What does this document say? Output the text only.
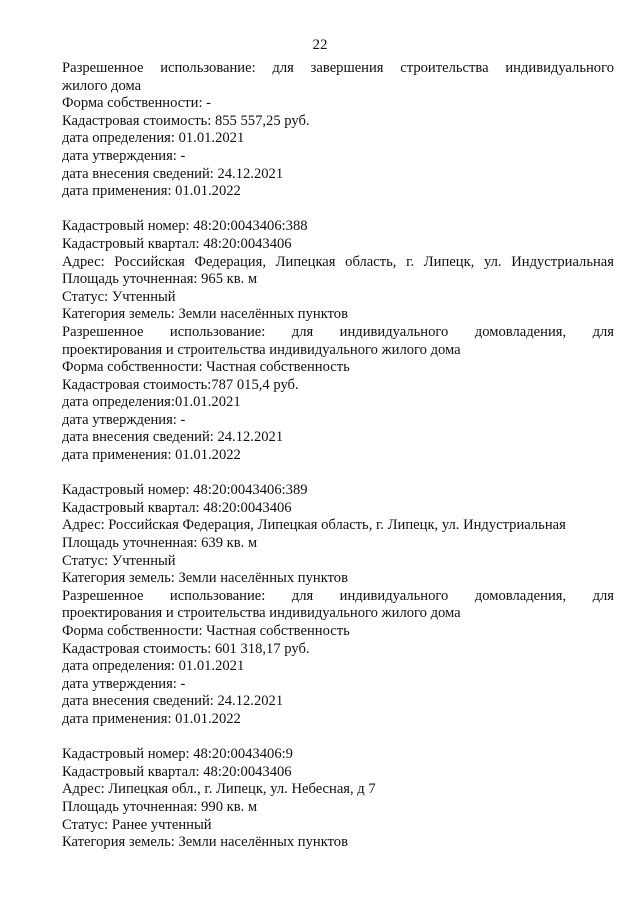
22
Разрешенное использование: для завершения строительства индивидуального
жилого дома
Форма собственности: -
Кадастровая стоимость: 855 557,25 руб.
дата определения: 01.01.2021
дата утверждения: -
дата внесения сведений: 24.12.2021
дата применения: 01.01.2022
Кадастровый номер: 48:20:0043406:388
Кадастровый квартал: 48:20:0043406
Адрес: Российская Федерация, Липецкая область, г. Липецк, ул. Индустриальная
Площадь уточненная: 965 кв. м
Статус: Учтенный
Категория земель: Земли населённых пунктов
Разрешенное использование: для индивидуального домовладения, для
проектирования и строительства индивидуального жилого дома
Форма собственности: Частная собственность
Кадастровая стоимость:787 015,4 руб.
дата определения:01.01.2021
дата утверждения: -
дата внесения сведений: 24.12.2021
дата применения: 01.01.2022
Кадастровый номер: 48:20:0043406:389
Кадастровый квартал: 48:20:0043406
Адрес: Российская Федерация, Липецкая область, г. Липецк, ул. Индустриальная
Площадь уточненная: 639 кв. м
Статус: Учтенный
Категория земель: Земли населённых пунктов
Разрешенное использование: для индивидуального домовладения, для
проектирования и строительства индивидуального жилого дома
Форма собственности: Частная собственность
Кадастровая стоимость: 601 318,17 руб.
дата определения: 01.01.2021
дата утверждения: -
дата внесения сведений: 24.12.2021
дата применения: 01.01.2022
Кадастровый номер: 48:20:0043406:9
Кадастровый квартал: 48:20:0043406
Адрес: Липецкая обл., г. Липецк, ул. Небесная, д 7
Площадь уточненная: 990 кв. м
Статус: Ранее учтенный
Категория земель: Земли населённых пунктов
